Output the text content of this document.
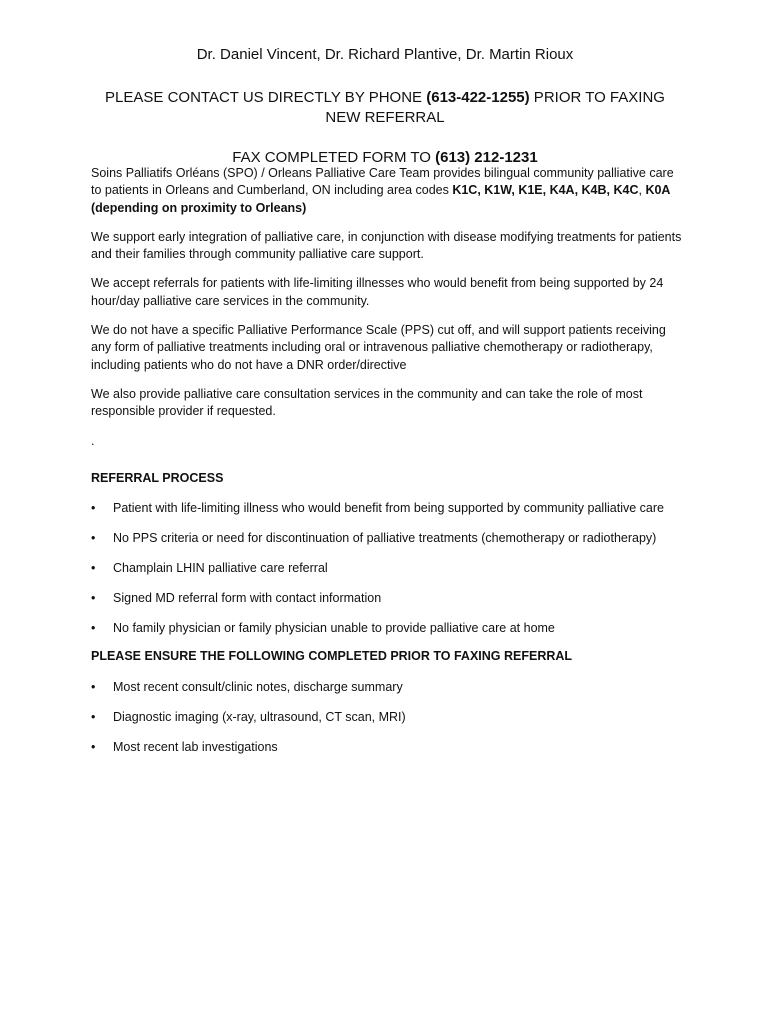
Dr. Daniel Vincent, Dr. Richard Plantive, Dr. Martin Rioux
PLEASE CONTACT US DIRECTLY BY PHONE (613-422-1255) PRIOR TO FAXING NEW REFERRAL
FAX COMPLETED FORM TO (613) 212-1231

Soins Palliatifs Orléans (SPO) / Orleans Palliative Care Team provides bilingual community palliative care to patients in Orleans and Cumberland, ON including area codes K1C, K1W, K1E, K4A, K4B, K4C, K0A (depending on proximity to Orleans)

We support early integration of palliative care, in conjunction with disease modifying treatments for patients and their families through community palliative care support.

We accept referrals for patients with life-limiting illnesses who would benefit from being supported by 24 hour/day palliative care services in the community.

We do not have a specific Palliative Performance Scale (PPS) cut off, and will support patients receiving any form of palliative treatments including oral or intravenous palliative chemotherapy or radiotherapy, including patients who do not have a DNR order/directive

We also provide palliative care consultation services in the community and can take the role of most responsible provider if requested.

.

REFERRAL PROCESS

• Patient with life-limiting illness who would benefit from being supported by community palliative care
• No PPS criteria or need for discontinuation of palliative treatments (chemotherapy or radiotherapy)
• Champlain LHIN palliative care referral
• Signed MD referral form with contact information
• No family physician or family physician unable to provide palliative care at home

PLEASE ENSURE THE FOLLOWING COMPLETED PRIOR TO FAXING REFERRAL

• Most recent consult/clinic notes, discharge summary
• Diagnostic imaging (x-ray, ultrasound, CT scan, MRI)
• Most recent lab investigations
